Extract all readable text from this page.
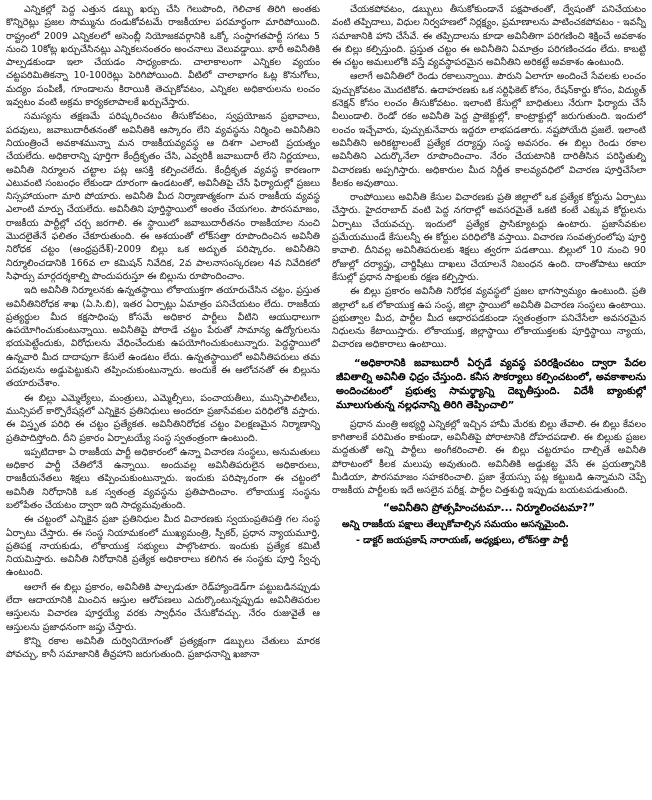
ఎన్నికల్లో పెద్ద ఎత్తున డబ్బు ఖర్చు చేసి గెలుపొంది, గెలిచాక తిరిగి అంతకు కొన్నిరెట్లు ప్రజల సొమ్మును దండుకోవటమే రాజకీయాల పరమార్థంగా మారిపోయింది. రాష్ట్రంలో 2009 ఎన్నికలలో అసెంబ్లీ నియోజకవర్గానికి ఒక్కో సంస్థాగతపార్టీ సగటు 5 నుంచి 10కోట్ల ఖర్చుచేసినట్లు ఎన్నికలనంతరం అంచనాలు వెలువడ్డాయి. భారీ అవినీతికి పాల్పడకుండా ఇలా చేయడం సాధ్యంకాదు. చాలాకాలంగా ఎన్నికల వ్యయం చట్టపరిమితికన్నా 10-100రెట్లు పెరిగిపోయింది. వీటిలో చాలాభాగం ఓట్ల కొనుగోలు, మద్యం పంపిణీ, గూండాలను కిరాయికి తెచ్చుకోవటం, ఎన్నికల అధికారులను లంచం ఇవ్వటం వంటి అక్రమ కార్యకలాపాలకే ఖర్చుచేస్తారు.

సమస్యను తక్షణమే పరిష్కరించటం తీసుకోవటం, స్వప్రయోజన ప్రభావాలు, పదవులు, జవాబుదారీతనంతో అవినీతికి ఆస్కారం లేని వ్యవస్థను నిర్మించి అవినీతిని నియంత్రించే అవకాశమున్నా మన రాజకీయవ్యవస్థ ఆ దిశగా ఎలాంటి ప్రయత్నం చేయలేదు. అధికారాన్ని పూర్తిగా కేంద్రీకృతం చేసి, ఎవ్వరికీ జవాబుదారీ లేని నిర్ణయాలు, అవినీతి నిర్మూలన చట్టాల పట్ల ఆసక్తి కల్పించలేదు. కేంద్రీకృత వ్యవస్థ కారణంగా ఎటువంటి సంబంధం లేకుండా దూరంగా ఉండటంతో, అవినీతిపై చేసే ఫిర్యాదుల్లో ప్రజలు నిస్సహాయంగా మారి పోయారు. అవినీతి మీద నిర్మాణాత్మకంగా మన రాజకీయ వ్యవస్థ ఎలాంటి మార్పు చేయలేదు. అవినీతిని పూర్తిస్థాయిలో అంతం చేయగలం. పౌరసమాజం, రాజకీయ పార్టీల్లో చర్చ జరగాలి. ఈ స్థాయిలో జవాబుదారీతనం రాజకీయాల నుంచి మొదలైతేనే ఫలితం చేకూరుతుంది. ఈ ఆశయంతో లోక్‌సత్తా రూపొందించిన అవినీతి నిరోధక చట్టం (ఆంధ్రప్రదేశ్)-2009 బిల్లు ఒక అద్భుత పరిష్కారం. అవినీతిని నిర్మూలించడానికి 166వ లా కమిషన్ నివేదిక, 2వ పాలనాసంస్కరణల 4వ నివేదికలో సిఫార్సు మార్గదర్శకాల్ని పొందుపరుస్తూ ఈ బిల్లును రూపొందించాం.

ఇది అవినీతి నిర్మూలనకు ఉన్నతస్థాయి లోకాయుక్తగా తయారుచేసిన చట్టం. ప్రస్తుత అవినీతినిరోధక శాఖ (ఏ.సి.బి), ఇతర ఏర్పాట్లు ఏమాత్రం పనిచేయటం లేదు. రాజకీయ ప్రత్యర్థుల మీద కక్షసాధింపు కోసమే అధికార పార్టీలు వీటిని ఆయుధాలుగా ఉపయోగించుకుంటున్నాయి. అవినీతిపై పోరాడే చట్టం పేరుతో సామాన్య ఉద్యోగులను భయపెట్టేందుకు, విరోధులను వేధించేందుకు ఉపయోగించుకుంటున్నారు. పెద్దస్థాయిలో ఉన్నవారి మీద దాదాపుగా కేసులే ఉండటం లేదు. ఉన్నతస్థాయిలో అవినీతిపరులు తమ పదవులను అడ్డుపెట్టుకుని తప్పించుకుంటున్నారు. అందుకే ఈ ఆలోచనతో ఈ బిల్లును తయారుచేశాం.

ఈ బిల్లు ఎమ్మెల్యేలు, మంత్రులు, ఎమ్మెల్సీలు, పంచాయతీలు, మున్సిపాలిటీలు, మున్సిపల్ కార్పొరేషన్లలో ఎన్నికైన ప్రతినిధులు అందరూ ప్రజాసేవకుల పరిధిలోకి వస్తారు. ఈ విస్తృత పరిధి ఈ చట్టం ప్రత్యేకత. అవినీతినిరోధక చట్టం విలక్షణమైన నిర్మాణాన్ని ప్రతిపాదిస్తోంది. దీని ప్రకారం ఏర్పాటయ్యే సంస్థ స్వతంత్రంగా ఉంటుంది.

ఇప్పటిదాకా ఏ రాజకీయ పార్టీ అధికారంలో ఉన్నా విచారణ సంస్థలు, అనుమతులు అధికార పార్టీ చేతిలోనే ఉన్నాయి. అందువల్ల అవినీతిపరులైన అధికారులు, రాజకీయనేతలు శిక్షలు తప్పించుకుంటున్నారు. ఇందుకు పరిష్కారంగా ఈ చట్టంలో అవినీతి నిరోధానికి ఒక స్వతంత్ర వ్యవస్థను ప్రతిపాదించాం. లోకాయుక్త సంస్థను బలోపేతం చేయటం ద్వారా ఇది సాధ్యమవుతుంది.

ఈ చట్టంలో ఎన్నికైన ప్రజా ప్రతినిధుల మీద విచారణకు స్వయంప్రతిపత్తి గల సంస్థ ఏర్పాటు చేస్తారు. ఈ సంస్థ నియామకంలో ముఖ్యమంత్రి, స్పీకర్, ప్రధాన న్యాయమూర్తి, ప్రతిపక్ష నాయకుడు, లోకాయుక్త సభ్యులు పాల్గొంటారు. ఇందుకు ప్రత్యేక కమిటీ నియమిస్తారు. అవినీతి నిరోధానికి ప్రత్యేక అధికారాలు కలిగిన ఈ సంస్థకు పూర్తి స్వేచ్ఛ ఉంటుంది.

ఆలాగే ఈ బిల్లు ప్రకారం, అవినీతికి పాల్పడుతూ రెడ్‌హ్యాండెడ్‌గా పట్టుబడినప్పుడు లేదా ఆదాయానికి మించిన ఆస్తుల ఆరోపణలు ఎదుర్కొంటున్నప్పుడు అవినీతిపరుల ఆస్తులను విచారణ పూర్తయ్యే వరకు స్వాధీనం చేసుకోవచ్చు. నేరం రుజువైతే ఆ ఆస్తులను ప్రజాధనంగా జప్తు చేస్తారు.

కొన్ని రకాల అవినీతి దుర్వినియోగంతో ప్రత్యక్షంగా డబ్బులు చేతులు మారక పోవచ్చు, కానీ సమాజానికి తీవ్రహాని జరుగుతుంది. ప్రజాధనాన్ని ఖజానా

చేయకపోవటం, డబ్బులు తీసుకోకుండానే పక్షపాతంతో, ద్వేషంతో పనిచేయటం వంటి తప్పిదాలు, విధుల నిర్వహణలో నిర్లక్ష్యం, ప్రమాణాలను పాటించకపోవటం - ఇవన్నీ సమాజానికి హాని చేసేవే. ఈ తప్పిదాలను కూడా అవినీతిగా పరిగణించి శిక్షించే అవకాశం ఈ బిల్లు కల్పిస్తుంది. ప్రస్తుత చట్టం ఈ అవినీతిని ఏమాత్రం పరిగణించడం లేదు. కాబట్టి ఈ చట్టం అమలులోకి వస్తే వ్యవస్థాపరమైన అవినీతిని అరికట్టే అవకాశం ఉంటుంది.

ఆలాగే అవినీతిలో రెండు రకాలున్నాయి. పౌరుని ఏలాగూ అందించే సేవలకు లంచం పుచ్చుకోవటం మొదటికోవ. ఉదాహరణకు ఒక సర్టిఫికెట్ కోసం, రేషన్‌కార్డు కోసం, విద్యుత్ కనెక్షన్ కోసం లంచం తీసుకోవటం. ఇలాంటి కేసుల్లో బాధితులు నేరుగా ఫిర్యాదు చేసే వీలుండాలి. రెండో రకం అవినీతి పెద్ద ప్రాజెక్టుల్లో, కాంట్రాక్టుల్లో జరుగుతుంది. ఇందులో లంచం ఇచ్చేవారు, పుచ్చుకునేవారు ఇద్దరూ లాభపడతారు. నష్టపోయేది ప్రజలే. ఇలాంటి అవినీతిని అరికట్టాలంటే ప్రత్యేక దర్యాప్తు సంస్థ అవసరం. ఈ బిల్లు రెండు రకాల అవినీతిని ఎదుర్కొనేలా రూపొందించాం. నేరం చేయటానికి దారితీసిన పరిస్థితుల్ని విచారణకు అప్పగిస్తారు. అధికారుల మీద నిర్ణీత కాలవ్యవధిలో విచారణ పూర్తిచేసేలా కీలకం అవుతాయి.

రాంపోయిలు అవినీతి కేసుల విచారణకు ప్రతి జిల్లాలో ఒక ప్రత్యేక కోర్టును ఏర్పాటు చేస్తారు. హైదరాబాద్ వంటి పెద్ద నగరాల్లో అవసరమైతే ఒకటి కంటే ఎక్కువ కోర్టులను ఏర్పాటు చేయవచ్చు. ఇందులో ప్రత్యేక ప్రాసిక్యూటర్లు ఉంటారు. ప్రజాసేవకుల ప్రమేయముండే కేసులన్నీ ఈ కోర్టుల పరిధిలోకి వస్తాయి. విచారణ సంవత్సరంలోపు పూర్తి కావాలి. దీనివల్ల అవినీతిపరులకు శిక్షలు త్వరగా పడతాయి. బిల్లులో 10 నుంచి 90 రోజుల్లో దర్యాప్తు, చార్జిషీటు దాఖలు చేయాలనే నిబంధన ఉంది. దాంతోపాటు ఆయా కేసుల్లో ప్రధాన సాక్షులకు రక్షణ కల్పిస్తారు.

ఈ బిల్లు ప్రకారం అవినీతి నిరోధక వ్యవస్థలో ప్రజల భాగస్వామ్యం ఉంటుంది. ప్రతి జిల్లాలో ఒక లోకాయుక్త ఉప సంస్థ, జిల్లా స్థాయిలో అవినీతి విచారణ సంస్థలు ఉంటాయి. ప్రభుత్వాల మీద, పార్టీల మీద ఆధారపడకుండా స్వతంత్రంగా పనిచేసేలా అవసరమైన నిధులను కేటాయిస్తారు. లోకాయుక్త, జిల్లాస్థాయి లోకాయుక్తలకు పూర్తిస్థాయి న్యాయ, విచారణ అధికారాలు ఉంటాయి.

“అధికారానికి జవాబుదారీ ఏర్పడే వ్యవస్థ పరిరక్షించటం ద్వారా పేదల జీవితాల్ని అవినీతి ఛిద్రం చేస్తుంది. కనీస సౌకర్యాలు కల్పించటంలో, అవకాశాలను అందించటంలో ప్రభుత్వ సామర్థ్యాన్ని దెబ్బతీస్తుంది. విదేశీ బ్యాంకుల్లో మూలుగుతున్న నల్లధనాన్ని తిరిగి తెప్పించాలి”

ప్రధాన మంత్రి అభ్యర్థి ఎన్నికల్లో ఇచ్చిన హామీ మేరకు బిల్లు తేవాలి. ఈ బిల్లు కేవలం కాగితాలకే పరిమితం కాకుండా, అవినీతిపై పోరాటానికి దోహదపడాలి. ఈ బిల్లుకు ప్రజల మద్దతుతో అన్ని పార్టీలు అంగీకరించాలి. ఈ బిల్లు చట్టరూపం దాల్చితే అవినీతి పోరాటంలో కీలక మలుపు అవుతుంది. అవినీతికి అడ్డుకట్ట వేసే ఈ ప్రయత్నానికి మీడియా, పౌరసమాజం సహకరించాలి. ప్రజా శ్రేయస్సు పట్ల కట్టుబడి ఉన్నామని చెప్పే రాజకీయ పార్టీలకు ఇదే అసలైన పరీక్ష. పార్టీల చిత్తశుద్ధి ఇప్పుడు బయటపడుతుంది.

“అవినీతిని ప్రోత్సహించటమా... నిర్మూలించటమా?”

అన్ని రాజకీయ పక్షాలు తేల్చుకోవాల్సిన సమయం ఆసన్నమైంది.

- డాక్టర్ జయప్రకాష్ నారాయణ్, అధ్యక్షులు, లోక్‌సత్తా పార్టీ
